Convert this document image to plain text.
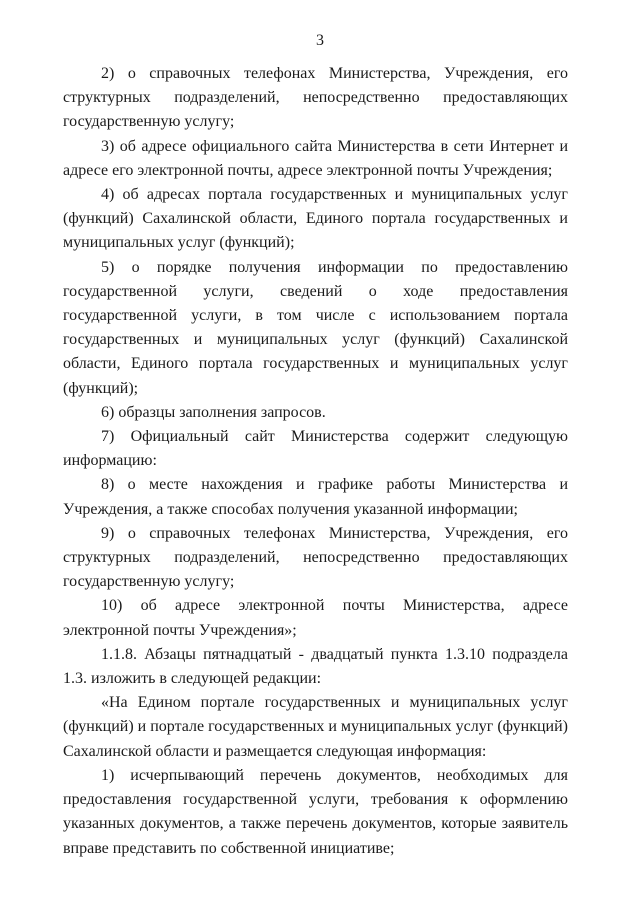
3

2) о справочных телефонах Министерства, Учреждения, его структурных подразделений, непосредственно предоставляющих государственную услугу;

3) об адресе официального сайта Министерства в сети Интернет и адресе его электронной почты, адресе электронной почты Учреждения;

4) об адресах портала государственных и муниципальных услуг (функций) Сахалинской области, Единого портала государственных и муниципальных услуг (функций);

5) о порядке получения информации по предоставлению государственной услуги, сведений о ходе предоставления государственной услуги, в том числе с использованием портала государственных и муниципальных услуг (функций) Сахалинской области, Единого портала государственных и муниципальных услуг (функций);

6) образцы заполнения запросов.

7) Официальный сайт Министерства содержит следующую информацию:

8) о месте нахождения и графике работы Министерства и Учреждения, а также способах получения указанной информации;

9) о справочных телефонах Министерства, Учреждения, его структурных подразделений, непосредственно предоставляющих государственную услугу;

10) об адресе электронной почты Министерства, адресе электронной почты Учреждения»;

1.1.8. Абзацы пятнадцатый - двадцатый пункта 1.3.10 подраздела 1.3. изложить в следующей редакции:

«На Едином портале государственных и муниципальных услуг (функций) и портале государственных и муниципальных услуг (функций) Сахалинской области и размещается следующая информация:

1) исчерпывающий перечень документов, необходимых для предоставления государственной услуги, требования к оформлению указанных документов, а также перечень документов, которые заявитель вправе представить по собственной инициативе;
